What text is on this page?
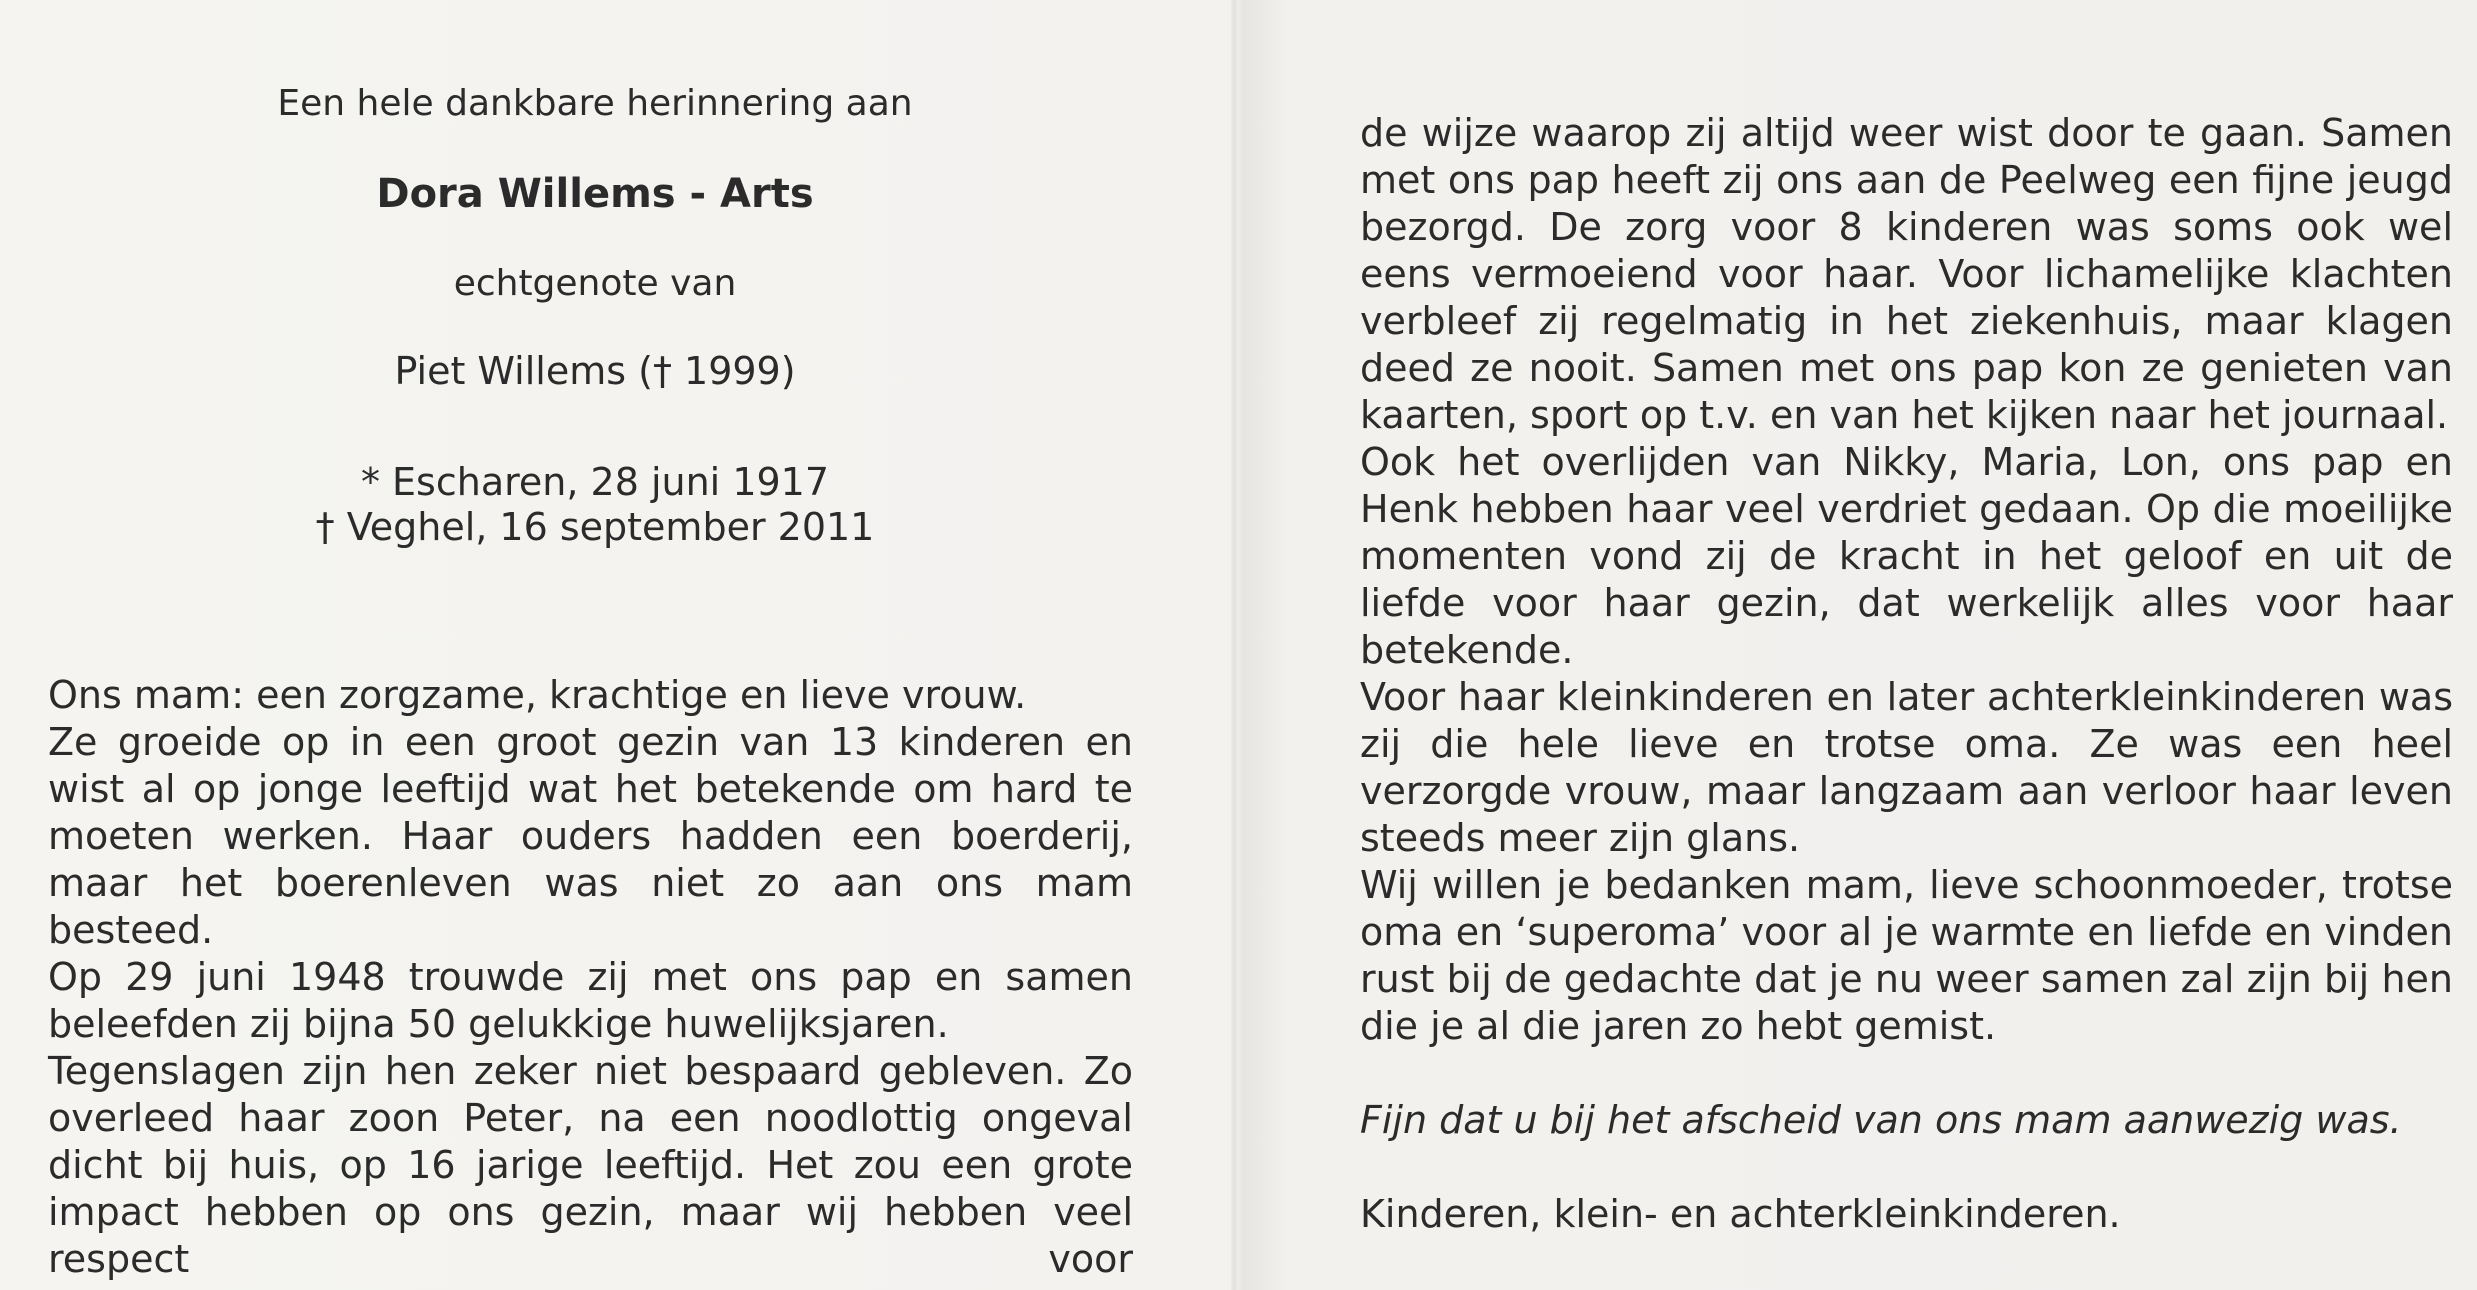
Een hele dankbare herinnering aan

Dora Willems - Arts

echtgenote van

Piet Willems († 1999)

* Escharen, 28 juni 1917

† Veghel, 16 september 2011

Ons mam: een zorgzame, krachtige en lieve vrouw.

Ze groeide op in een groot gezin van 13 kinderen en wist al op jonge leeftijd wat het betekende om hard te moeten werken. Haar ouders hadden een boerderij, maar het boerenleven was niet zo aan ons mam besteed.

Op 29 juni 1948 trouwde zij met ons pap en samen beleefden zij bijna 50 gelukkige huwelijksjaren.

Tegenslagen zijn hen zeker niet bespaard gebleven. Zo overleed haar zoon Peter, na een noodlottig ongeval dicht bij huis, op 16 jarige leeftijd. Het zou een grote impact hebben op ons gezin, maar wij hebben veel respect voor

de wijze waarop zij altijd weer wist door te gaan. Samen met ons pap heeft zij ons aan de Peelweg een fijne jeugd bezorgd. De zorg voor 8 kinderen was soms ook wel eens vermoeiend voor haar. Voor lichamelijke klachten verbleef zij regelmatig in het ziekenhuis, maar klagen deed ze nooit. Samen met ons pap kon ze genieten van kaarten, sport op t.v. en van het kijken naar het journaal.

Ook het overlijden van Nikky, Maria, Lon, ons pap en Henk hebben haar veel verdriet gedaan. Op die moeilijke momenten vond zij de kracht in het geloof en uit de liefde voor haar gezin, dat werkelijk alles voor haar betekende.

Voor haar kleinkinderen en later achterkleinkinderen was zij die hele lieve en trotse oma. Ze was een heel verzorgde vrouw, maar langzaam aan verloor haar leven steeds meer zijn glans.

Wij willen je bedanken mam, lieve schoonmoeder, trotse oma en ‘superoma’ voor al je warmte en liefde en vinden rust bij de gedachte dat je nu weer samen zal zijn bij hen die je al die jaren zo hebt gemist.

Fijn dat u bij het afscheid van ons mam aanwezig was.

Kinderen, klein- en achterkleinkinderen.
